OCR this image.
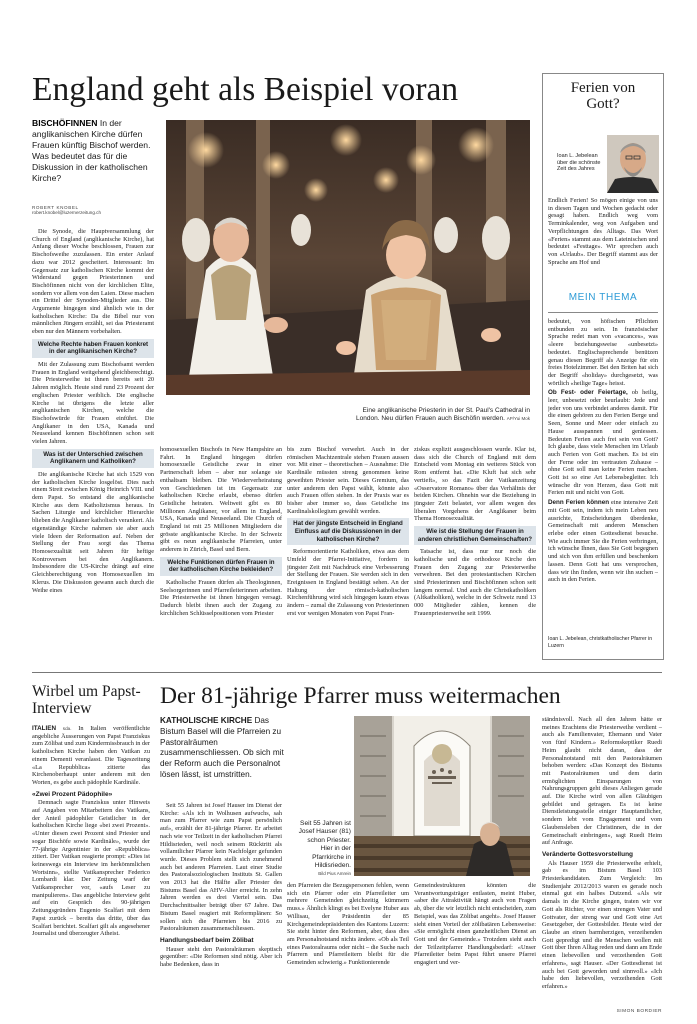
England geht als Beispiel voran
BISCHÖFINNEN In der anglikanischen Kirche dürfen Frauen künftig Bischof werden. Was bedeutet das für die Diskussion in der katholischen Kirche?
ROBERT KNOBEL
robert.knobel@luzernerzeitung.ch
Eine anglikanische Priesterin in der St. Paul's Cathedral in London. Neu dürfen Frauen auch Bischöfin werden. AP/Yui Mok

Die Synode, die Hauptversammlung der Church of England (anglikanische Kirche), hat Anfang dieser Woche beschlossen, Frauen zur Bischofsweihe zuzulassen. Ein erster Anlauf dazu war 2012 gescheitert. Interessant: Im Gegensatz zur katholischen Kirche kommt der Widerstand gegen Priesterinnen und Bischöfinnen nicht von der kirchlichen Elite, sondern vor allem von den Laien. Diese machen ein Drittel der Synoden-Mitglieder aus. Die Argumente hingegen sind ähnlich wie in der katholischen Kirche: Da die Bibel nur von männlichen Jüngern erzählt, sei das Priesteramt eben nur den Männern vorbehalten.

Welche Rechte haben Frauen konkret in der anglikanischen Kirche?

Mit der Zulassung zum Bischofsamt werden Frauen in England weitgehend gleichberechtigt. Die Priesterweihe ist ihnen bereits seit 20 Jahren möglich. Heute sind rund 23 Prozent der englischen Priester weiblich. Die englische Kirche ist übrigens die letzte aller anglikanischen Kirchen, welche die Bischofswürde für Frauen einführt. Die Anglikaner in den USA, Kanada und Neuseeland kennen Bischöfinnen schon seit vielen Jahren.

Was ist der Unterschied zwischen Anglikanern und Katholiken?

Die anglikanische Kirche hat sich 1529 von der katholischen Kirche losgelöst. Dies nach einem Streit zwischen König Heinrich VIII. und dem Papst. So entstand die anglikanische Kirche aus dem Katholizismus heraus. In Sachen Liturgie und kirchlicher Hierarchie blieben die Anglikaner katholisch verankert. Als eigenständige Kirche nahmen sie aber auch viele Ideen der Reformation auf. Neben der Stellung der Frau sorgt das Thema Homosexualität seit Jahren für heftige Kontroversen bei den Anglikanern. Insbesondere die US-Kirche drängt auf eine Gleichberechtigung von Homosexuellen im Klerus. Die Diskussion gewann auch durch die Weihe eines

homosexuellen Bischofs in New Hampshire an Fahrt. In England hingegen dürfen homosexuelle Geistliche zwar in einer Partnerschaft leben – aber nur solange sie enthaltsam bleiben. Die Wiederverheiratung von Geschiedenen ist im Gegensatz zur katholischen Kirche erlaubt, ebenso dürfen Geistliche heiraten. Weltweit gibt es 80 Millionen Anglikaner, vor allem in England, USA, Kanada und Neuseeland. Die Church of England ist mit 25 Millionen Mitgliedern die grösste anglikanische Kirche. In der Schweiz gibt es neun anglikanische Pfarreien, unter anderem in Zürich, Basel und Bern.

Welche Funktionen dürfen Frauen in der katholischen Kirche bekleiden?

Katholische Frauen dürfen als Theologinnen, Seelsorgerinnen und Pfarreileiterinnen arbeiten. Die Priesterweihe ist ihnen hingegen versagt. Dadurch bleibt ihnen auch der Zugang zu kirchlichen Schlüsselpositionen vom Priester

bis zum Bischof verwehrt. Auch in der römischen Machtzentrale stehen Frauen aussen vor. Mit einer – theoretischen – Ausnahme: Die Kardinäle müssten streng genommen keine geweihten Priester sein. Dieses Gremium, das unter anderem den Papst wählt, könnte also auch Frauen offen stehen. In der Praxis war es bisher aber immer so, dass Geistliche ins Kardinalskollegium gewählt werden.

Hat der jüngste Entscheid in England Einfluss auf die Diskussionen in der katholischen Kirche?

Reformorientierte Katholiken, etwa aus dem Umfeld der Pfarrei-Initiative, fordern in jüngster Zeit mit Nachdruck eine Verbesserung der Stellung der Frauen. Sie werden sich in den Ereignissen in England bestätigt sehen. An der Haltung der römisch-katholischen Kirchenführung wird sich hingegen kaum etwas ändern – zumal die Zulassung von Priesterinnen erst vor wenigen Monaten von Papst Fran-

ziskus explizit ausgeschlossen wurde. Klar ist, dass sich die Church of England mit dem Entscheid vom Montag ein weiteres Stück von Rom entfernt hat. «Die Kluft hat sich sehr vertieft», so das Fazit der Vatikanzeitung «Osservatore Romano» über das Verhältnis der beiden Kirchen. Ohnehin war die Beziehung in jüngster Zeit belastet, vor allem wegen des liberalen Vorgehens der Anglikaner beim Thema Homosexualität.

Wie ist die Stellung der Frauen in anderen christlichen Gemeinschaften?

Tatsache ist, dass nur nur noch die katholische und die orthodoxe Kirche den Frauen den Zugang zur Priesterweihe verwehren. Bei den protestantischen Kirchen sind Priesterinnen und Bischöfinnen schon seit langem normal. Und auch die Christkatholiken (Altkatholiken), welche in der Schweiz rund 13 000 Mitglieder zählen, kennen die Frauenpriesterweihe seit 1999.

Ferien von Gott?
Ioan L. Jebelean über die schönste Zeit des Jahres

Endlich Ferien! So mögen einige von uns in diesen Tagen und Wochen gedacht oder gesagt haben. Endlich weg vom Terminkalender, weg von Aufgaben und Verpflichtungen des Alltags. Das Wort «Ferien» stammt aus dem Lateinischen und bedeutet «Festtage». Wir sprechen auch von «Urlaub». Der Begriff stammt aus der Sprache am Hof und

MEIN THEMA

bedeutet, von höfischen Pflichten entbunden zu sein. In französischer Sprache redet man von «vacances», was «leere beziehungsweise «unbesetzt» bedeutet. Englischsprechende benützen genau diesen Begriff als Anzeige für ein freies Hotelzimmer. Bei den Briten hat sich der Begriff «holiday» durchgesetzt, was wörtlich «heilige Tage» heisst.

Ob Fest- oder Feiertage, ob heilig, leer, unbesetzt oder beurlaubt: Jede und jeder von uns verbindet anderes damit. Für die einen gehören zu den Ferien Berge und Seen, Sonne und Meer oder einfach zu Hause ausspannen und geniessen. Bedeuten Ferien auch frei sein von Gott? Ich glaube, dass viele Menschen im Urlaub auch Ferien von Gott machen. Es ist ein der Ferne oder im vertrauten Zuhause – ohne Gott soll man keine Ferien machen. Gott ist so eine Art Lebensbegleiter. Ich wünsche dir von Herzen, dass Gott mit Ferien mit und nicht von Gott.

Denn Ferien können eine intensive Zeit mit Gott sein, indem ich mein Leben neu ausrichte, Entscheidungen überdenke, Gemeinschaft mit anderen Menschen erlebe oder einen Gottesdienst besuche. Wie auch immer Sie die Ferien verbringen, ich wünsche Ihnen, dass Sie Gott begegnen und sich von ihm erfüllen und beschenken lassen. Denn Gott hat uns versprochen, dass wir ihn finden, wenn wir ihn suchen – auch in den Ferien.

Ioan L. Jebelean, christkatholischer Pfarrer in Luzern
Wirbel um Papst-Interview

ITALIEN sda. In Italien veröffentlichte angebliche Äusserungen von Papst Franziskus zum Zölibat und zum Kindermissbrauch in der katholischen Kirche haben den Vatikan zu einem Dementi veranlasst. Die Tageszeitung «La Repubblica» zitierte das Kirchenoberhaupt unter anderem mit den Worten, es gebe auch pädophile Kardinäle.

«Zwei Prozent Pädophile»

Demnach sagte Franziskus unter Hinweis auf Angaben von Mitarbeitern des Vatikans, der Anteil pädophiler Geistlicher in der katholischen Kirche liege «bei zwei Prozent». «Unter diesen zwei Prozent sind Priester und sogar Bischöfe sowie Kardinäle», wurde der 77-jährige Argentinier in der «Repubblica» zitiert. Der Vatikan reagierte prompt: «Dies ist keineswegs ein Interview im herkömmlichen Wortsinn», stellte Vatikansprecher Federico Lombardi klar. Der Zeitung warf der Vatikansprecher vor, «aufs Leser zu manipulieren». Das angebliche Interview geht auf ein Gespräch des 90-jährigen Zeitungsgründers Eugenio Scalfari mit dem Papst zurück – bereits das dritte, über das Scalfari berichtet. Scalfari gilt als angesehener Journalist und überzeugter Atheist.

Der 81-jährige Pfarrer muss weitermachen
KATHOLISCHE KIRCHE Das Bistum Basel will die Pfarreien zu Pastoralräumen zusammenschliessen. Ob sich mit der Reform auch die Personalnot lösen lässt, ist umstritten.

Seit 55 Jahren ist Josef Hauser im Dienst der Kirche: «Als ich in Wolhusen aufwuchs, sah man zum Pfarrer wie zum Papst persönlich auf», erzählt der 81-jährige Pfarrer. Er arbeitet nach wie vor Teilzeit in der katholischen Pfarrei Hildisrieden, weil noch seinem Rücktritt als vollamtlicher Pfarrer kein Nachfolger gefunden wurde. Dieses Problem stellt sich zunehmend auch bei anderen Pfarreien. Laut einer Studie des Pastoralsoziologischen Instituts St. Gallen von 2013 hat die Hälfte aller Priester des Bistums Basel das AHV-Alter erreicht. In zehn Jahren werden es drei Viertel sein. Das Durchschnittsalter beträgt über 67 Jahre. Das Bistum Basel reagiert mit Reformplänen: So sollen sich die Pfarreien bis 2016 zu Pastoralräumen zusammenschliessen.

Handlungsbedarf beim Zölibat

Hauser steht den Pastoralräumen skeptisch gegenüber: «Die Reformen sind nötig. Aber ich habe Bedenken, dass in

Seit 55 Jahren ist Josef Hauser (81) schon Priester. Hier in der Pfarrkirche in Hildisrieden.
Bild Pius Amrein

den Pfarreien die Bezugspersonen fehlen, wenn sich ein Pfarrer oder ein Pfarreileiter um mehrere Gemeinden gleichzeitig kümmern muss.» Ähnlich klingt es bei Evelyne Huber aus Willisau, der Präsidentin der 85 Kirchgemeindepräsidenten des Kantons Luzern: Sie steht hinter den Reformen, aber, dass dies am Personalnotstand nichts ändere. «Ob als Teil eines Pastoralraums oder nicht – die Suche nach Pfarrern und Pfarreileitern bleibt für die Gemeinden schwierig.» Funktionierende

Gemeindestrukturen könnten die Verantwortungsträger entlasten, meint Huber, «aber die Attraktivität hängt auch von Fragen ab, über die wir letztlich nicht entscheiden, zum Beispiel, was das Zölibat angeht». Josef Hauser sieht einen Vorteil der zölibatären Lebensweise: «Sie ermöglicht einen ganzheitlichen Dienst an Gott und der Gemeinde.» Trotzdem sieht auch der Teilzeitpfarrer Handlungsbedarf: «Unser Pfarreileiter beim Papst führt unsere Pfarrei engagiert und ver-

ständnisvoll. Nach all den Jahren hätte er meines Erachtens die Priesterweihe verdient – auch als Familienvater, Ehemann und Vater von fünf Kindern.» Reformskeptiker Ruedi Heim glaubt nicht daran, dass der Personalnotstand mit den Pastoralräumen behoben werden: «Das Konzept des Bistums mit Pastoralräumen und dem darin ermöglichten Einsparungen von Nahrungsgruppen geht dieses Anliegen gerade auf. Die Kirche wird von allen Gläubigen gebildet und getragen. Es ist keine Dienstleistungsstelle einiger Hauptamtlicher, sondern lebt vom Engagement und vom Glaubensleben der Christinnen, die in der Gemeinschaft einbringen», sagt Ruedi Heim auf Anfrage.

Veränderte Gottesvorstellung

Als Hauser 1959 die Priesterweihe erhielt, gab es im Bistum Basel 103 Priesterkandidaten. Zum Vergleich: Im Studienjahr 2012/2013 waren es gerade noch einmal gut ein halbes Dutzend. «Als wir damals in die Kirche gingen, traten wir vor Gott als Richter, vor einen strengen Vater und Gottvater, der streng war und Gott eine Art Gesetzgeber, der Gottesbilder. Heute wird der Glaube an einen barmherzigen, verzeihenden Gott gepredigt und die Menschen wollen mit Gott über Ihren Alltag reden und dann am Ende einen liebevollen und verzeihenden Gott erfahren», sagt Hauser. «Der Gottesdienst ist auch bei Gott geworden und sinnvoll.» «Ich habe den liebevollen, verzeihenden Gott erfahren.»

SIMON BORDIER
